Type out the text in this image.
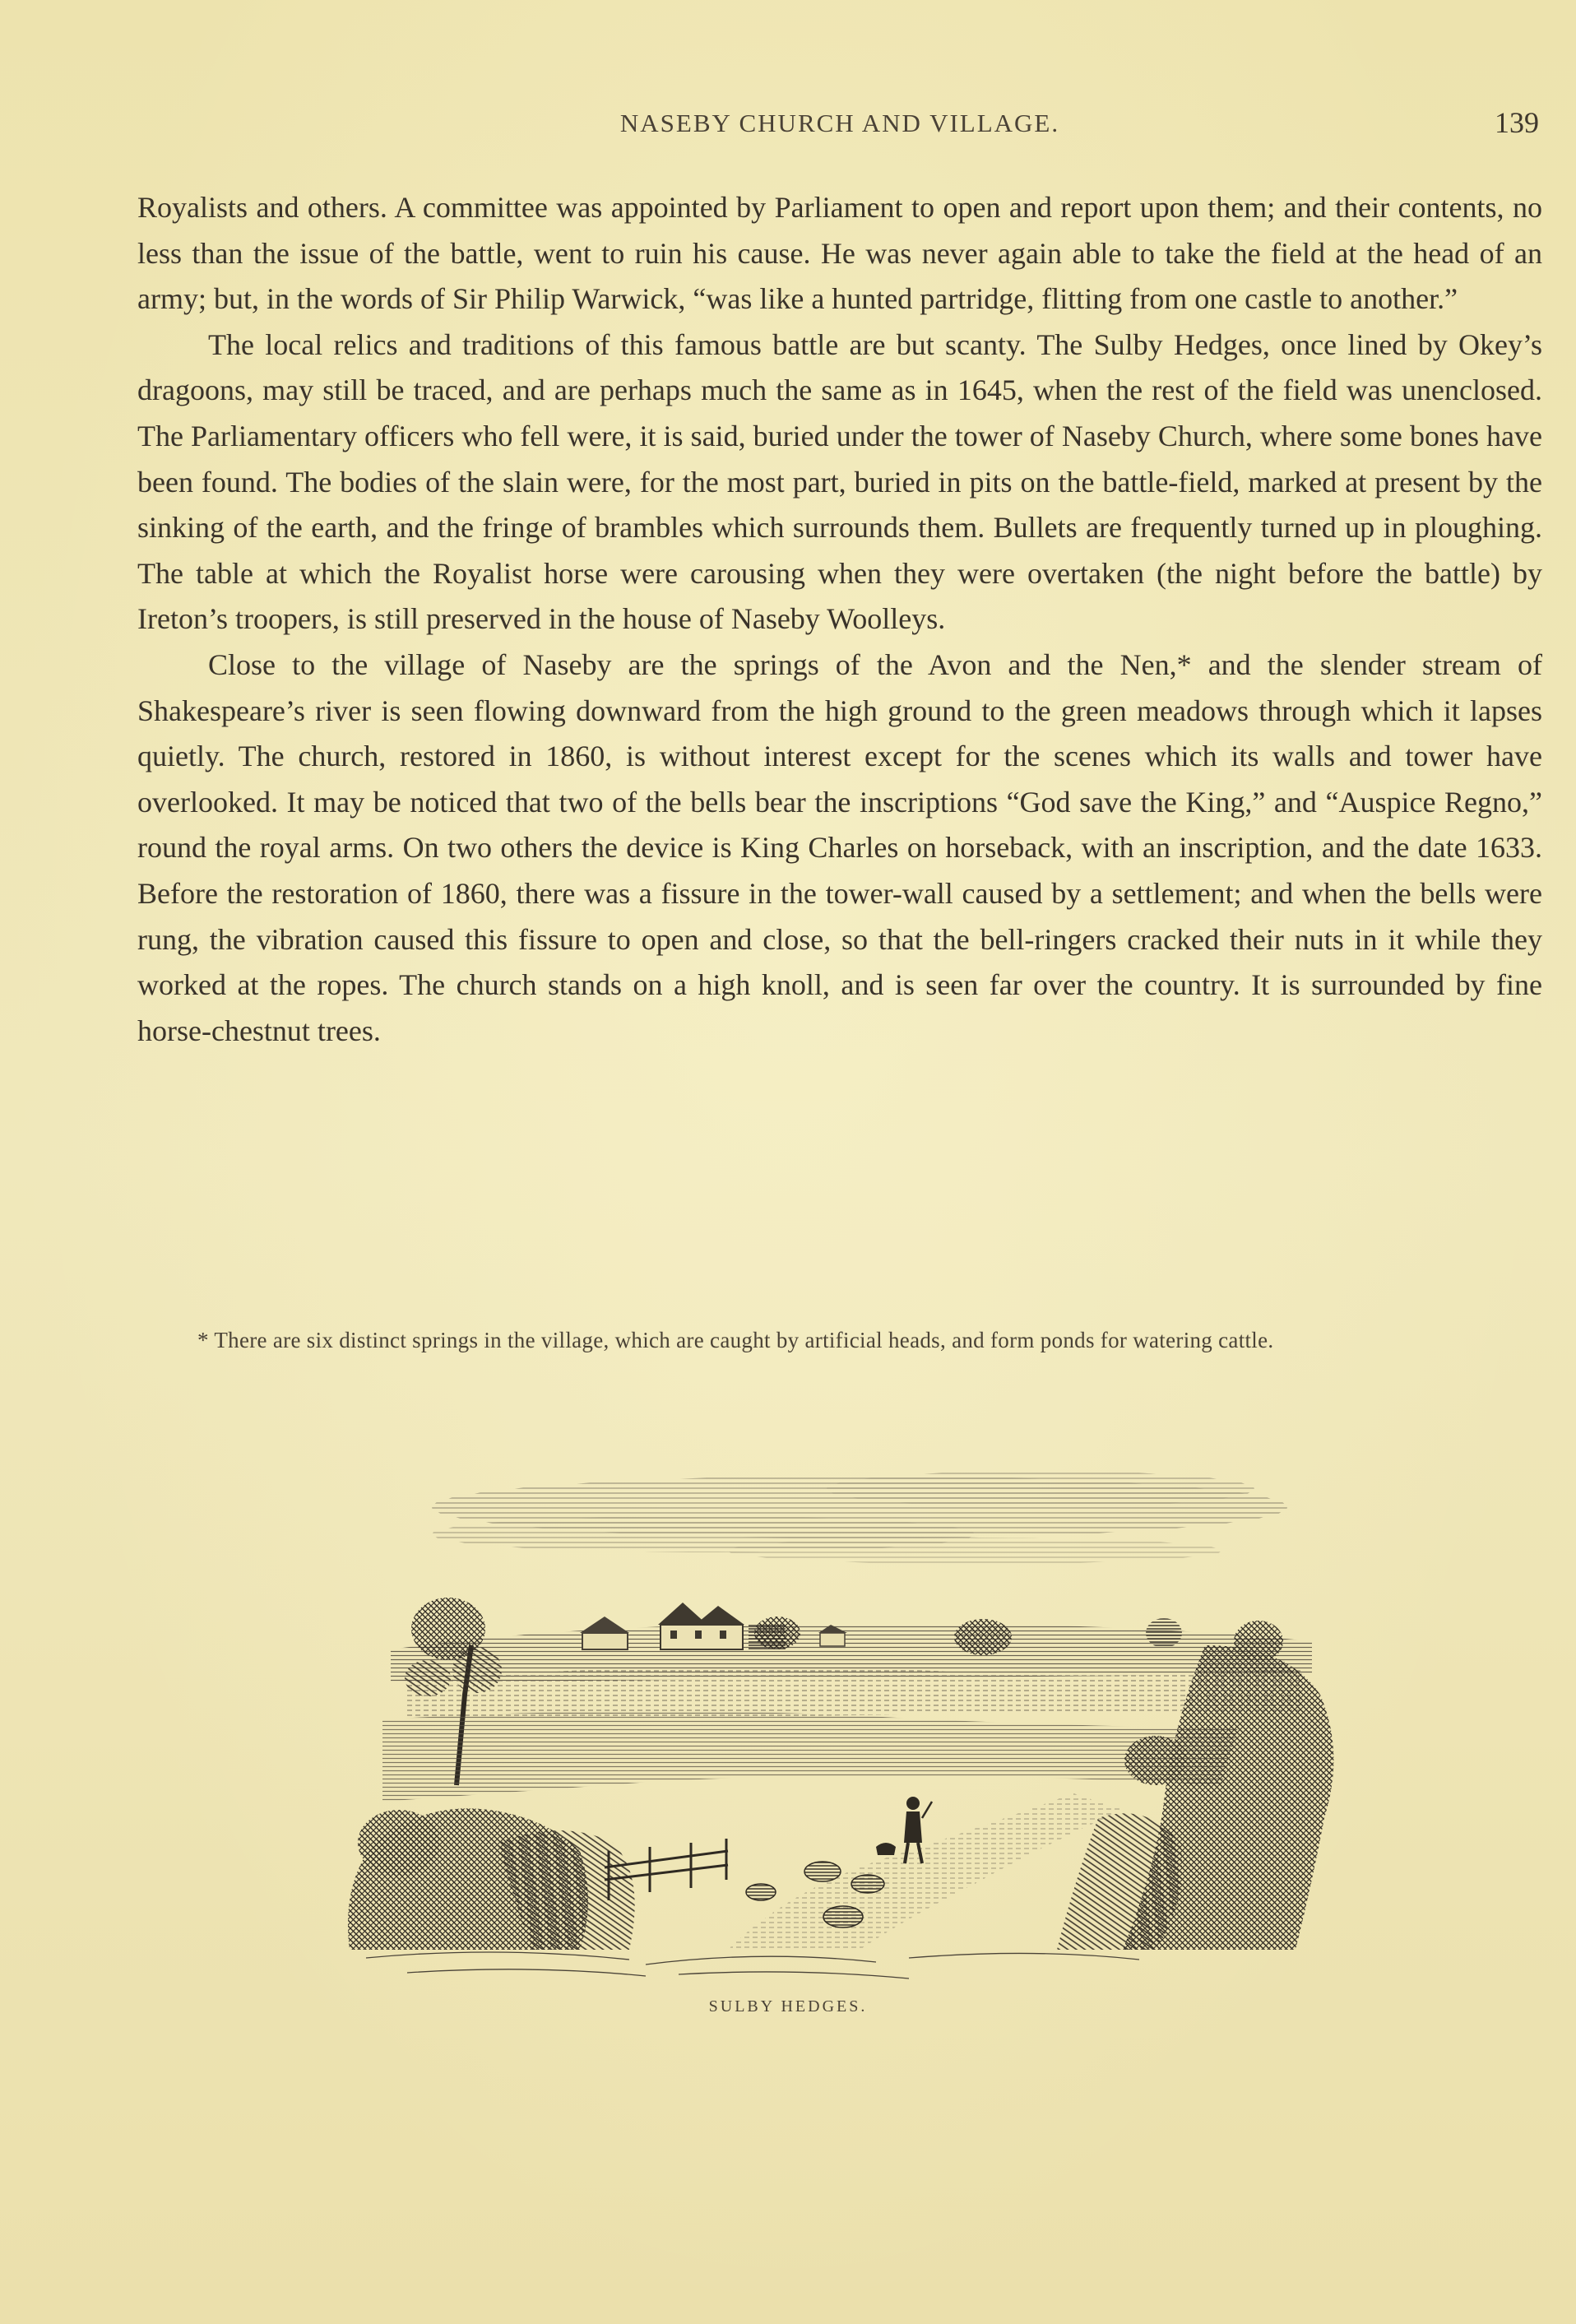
NASEBY CHURCH AND VILLAGE.	139

Royalists and others. A committee was appointed by Parliament to open and report upon them; and their contents, no less than the issue of the battle, went to ruin his cause. He was never again able to take the field at the head of an army; but, in the words of Sir Philip Warwick, “was like a hunted partridge, flitting from one castle to another.”

The local relics and traditions of this famous battle are but scanty. The Sulby Hedges, once lined by Okey’s dragoons, may still be traced, and are perhaps much the same as in 1645, when the rest of the field was unenclosed. The Parliamentary officers who fell were, it is said, buried under the tower of Naseby Church, where some bones have been found. The bodies of the slain were, for the most part, buried in pits on the battle-field, marked at present by the sinking of the earth, and the fringe of brambles which surrounds them. Bullets are frequently turned up in ploughing. The table at which the Royalist horse were carousing when they were overtaken (the night before the battle) by Ireton’s troopers, is still preserved in the house of Naseby Woolleys.

Close to the village of Naseby are the springs of the Avon and the Nen,* and the slender stream of Shakespeare’s river is seen flowing downward from the high ground to the green meadows through which it lapses quietly. The church, restored in 1860, is without interest except for the scenes which its walls and tower have overlooked. It may be noticed that two of the bells bear the inscriptions “God save the King,” and “Auspice Regno,” round the royal arms. On two others the device is King Charles on horseback, with an inscription, and the date 1633. Before the restoration of 1860, there was a fissure in the tower-wall caused by a settlement; and when the bells were rung, the vibration caused this fissure to open and close, so that the bell-ringers cracked their nuts in it while they worked at the ropes. The church stands on a high knoll, and is seen far over the country. It is surrounded by fine horse-chestnut trees.

* There are six distinct springs in the village, which are caught by artificial heads, and form ponds for watering cattle.
SULBY HEDGES.
